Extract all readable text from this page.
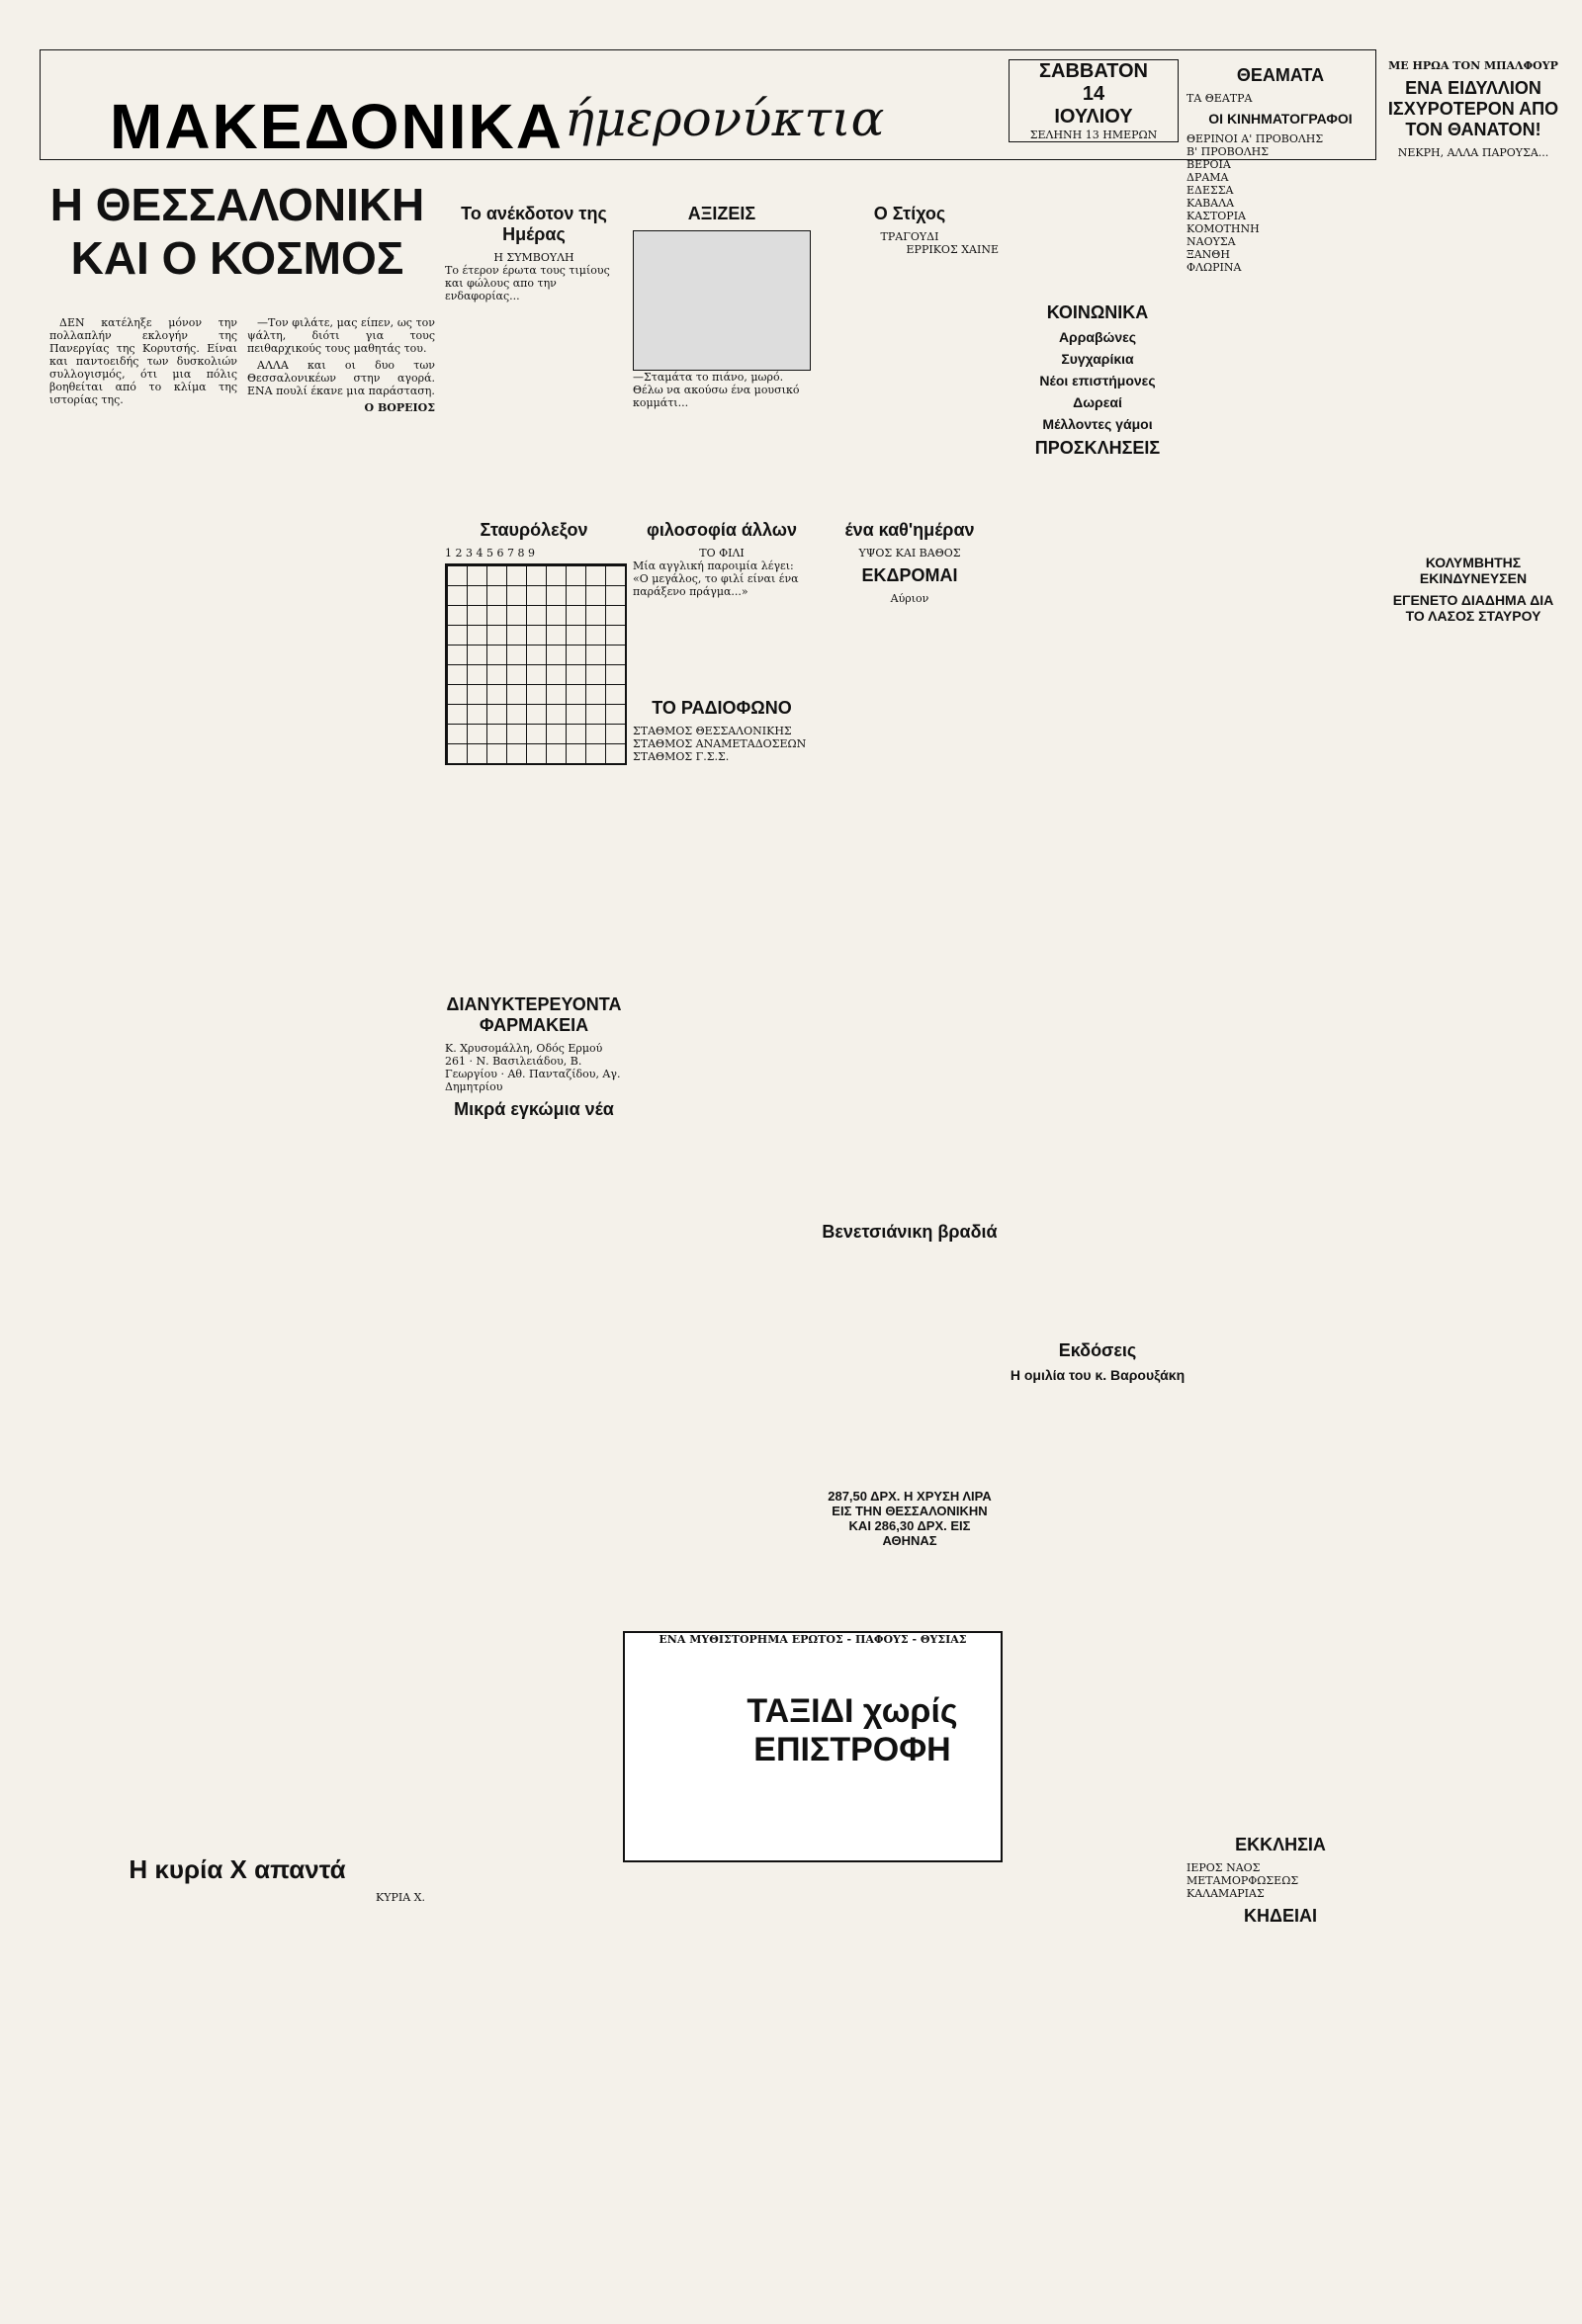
ΜΑΚΕΔΟΝΙΚΑ ήμερονύκτια
Η ΘΕΣΣΑΛΟΝΙΚΗ ΚΑΙ Ο ΚΟΣΜΟΣ

ΔΕΝ κατέληξε μόνον την πολλαπλήν εκλογήν της Πανεργίας της Κορυτσής. Είναι και παντοειδής των δυσκολιών συλλογισμός, ότι μια πόλις βοηθείται από το κλίμα της ιστορίας της.

—Τον φιλάτε, μας είπεν, ως τον ψάλτη, διότι για τους πειθαρχικούς τους μαθητάς του.

ΑΛΛΑ και οι δυο των Θεσσαλονικέων στην αγορά. ΕΝΑ πουλί έκανε μια παράσταση.

Ο ΒΟΡΕΙΟΣ

Το ανέκδοτον της Ημέρας
Η ΣΥΜΒΟΥΛΗ
Το έτερον έρωτα τους τιμίους και φώλους απο την ενδαφορίας...
ΑΞΙΖΕΙΣ
—Σταμάτα το πιάνο, μωρό. Θέλω να ακούσω ένα μουσικό κομμάτι...
Ο Στίχος
ΤΡΑΓΟΥΔΙ
ΕΡΡΙΚΟΣ ΧΑΙΝΕ
Σταυρόλεξον
1 2 3 4 5 6 7 8 9
φιλοσοφία άλλων
ΤΟ ΦΙΛΙ
Μία αγγλική παροιμία λέγει: «Ο μεγάλος, το φιλί είναι ένα παράξενο πράγμα...»
ΤΟ ΡΑΔΙΟΦΩΝΟ
ΣΤΑΘΜΟΣ ΘΕΣΣΑΛΟΝΙΚΗΣ
ΣΤΑΘΜΟΣ ΑΝΑΜΕΤΑΔΟΣΕΩΝ
ΣΤΑΘΜΟΣ Γ.Σ.Σ.
ΔΙΑΝΥΚΤΕΡΕΥΟΝΤΑ ΦΑΡΜΑΚΕΙΑ
Κ. Χρυσομάλλη, Οδός Ερμού 261 · Ν. Βασιλειάδου, Β. Γεωργίου · Αθ. Πανταζίδου, Αγ. Δημητρίου
Μικρά εγκώμια νέα
ένα καθ'ημέραν
ΥΨΟΣ ΚΑΙ ΒΑΘΟΣ
ΕΚΔΡΟΜΑΙ
Αύριον
Βενετσιάνικη βραδιά
287,50 ΔΡΧ. Η ΧΡΥΣΗ ΛΙΡΑ ΕΙΣ ΤΗΝ ΘΕΣΣΑΛΟΝΙΚΗΝ ΚΑΙ 286,30 ΔΡΧ. ΕΙΣ ΑΘΗΝΑΣ
ΕΝΑ ΜΥΘΙΣΤΟΡΗΜΑ ΕΡΩΤΟΣ - ΠΑΦΟΥΣ - ΘΥΣΙΑΣ
ΤΑΞΙΔΙ χωρίς ΕΠΙΣΤΡΟΦΗ
Η κυρία Χ απαντά
ΚΥΡΙΑ Χ.
ΣΑΒΒΑΤΟΝ
14
ΙΟΥΛΙΟΥ
ΣΕΛΗΝΗ 13 ΗΜΕΡΩΝ
ΚΟΙΝΩΝΙΚΑ
Αρραβώνες
Συγχαρίκια
Νέοι επιστήμονες
Δωρεαί
Μέλλοντες γάμοι
ΠΡΟΣΚΛΗΣΕΙΣ
Εκδόσεις
Η ομιλία του κ. Βαρουξάκη
ΕΚΚΛΗΣΙΑ
ΙΕΡΟΣ ΝΑΟΣ ΜΕΤΑΜΟΡΦΩΣΕΩΣ ΚΑΛΑΜΑΡΙΑΣ
ΚΗΔΕΙΑΙ
ΘΕΑΜΑΤΑ
ΤΑ ΘΕΑΤΡΑ
ΟΙ ΚΙΝΗΜΑΤΟΓΡΑΦΟΙ
ΘΕΡΙΝΟΙ Α' ΠΡΟΒΟΛΗΣ
Β' ΠΡΟΒΟΛΗΣ
ΒΕΡΟΙΑ
ΔΡΑΜΑ
ΕΔΕΣΣΑ
ΚΑΒΑΛΑ
ΚΑΣΤΟΡΙΑ
ΚΟΜΟΤΗΝΗ
ΝΑΟΥΣΑ
ΞΑΝΘΗ
ΦΛΩΡΙΝΑ
ΜΕ ΗΡΩΑ ΤΟΝ ΜΠΑΛΦΟΥΡ
ΕΝΑ ΕΙΔΥΛΛΙΟΝ ΙΣΧΥΡΟΤΕΡΟΝ ΑΠΟ ΤΟΝ ΘΑΝΑΤΟΝ!
ΝΕΚΡΗ, ΑΛΛΑ ΠΑΡΟΥΣΑ...
ΚΟΛΥΜΒΗΤΗΣ ΕΚΙΝΔΥΝΕΥΣΕΝ
ΕΓΕΝΕΤΟ ΔΙΑΔΗΜΑ ΔΙΑ ΤΟ ΛΑΣΟΣ ΣΤΑΥΡΟΥ
